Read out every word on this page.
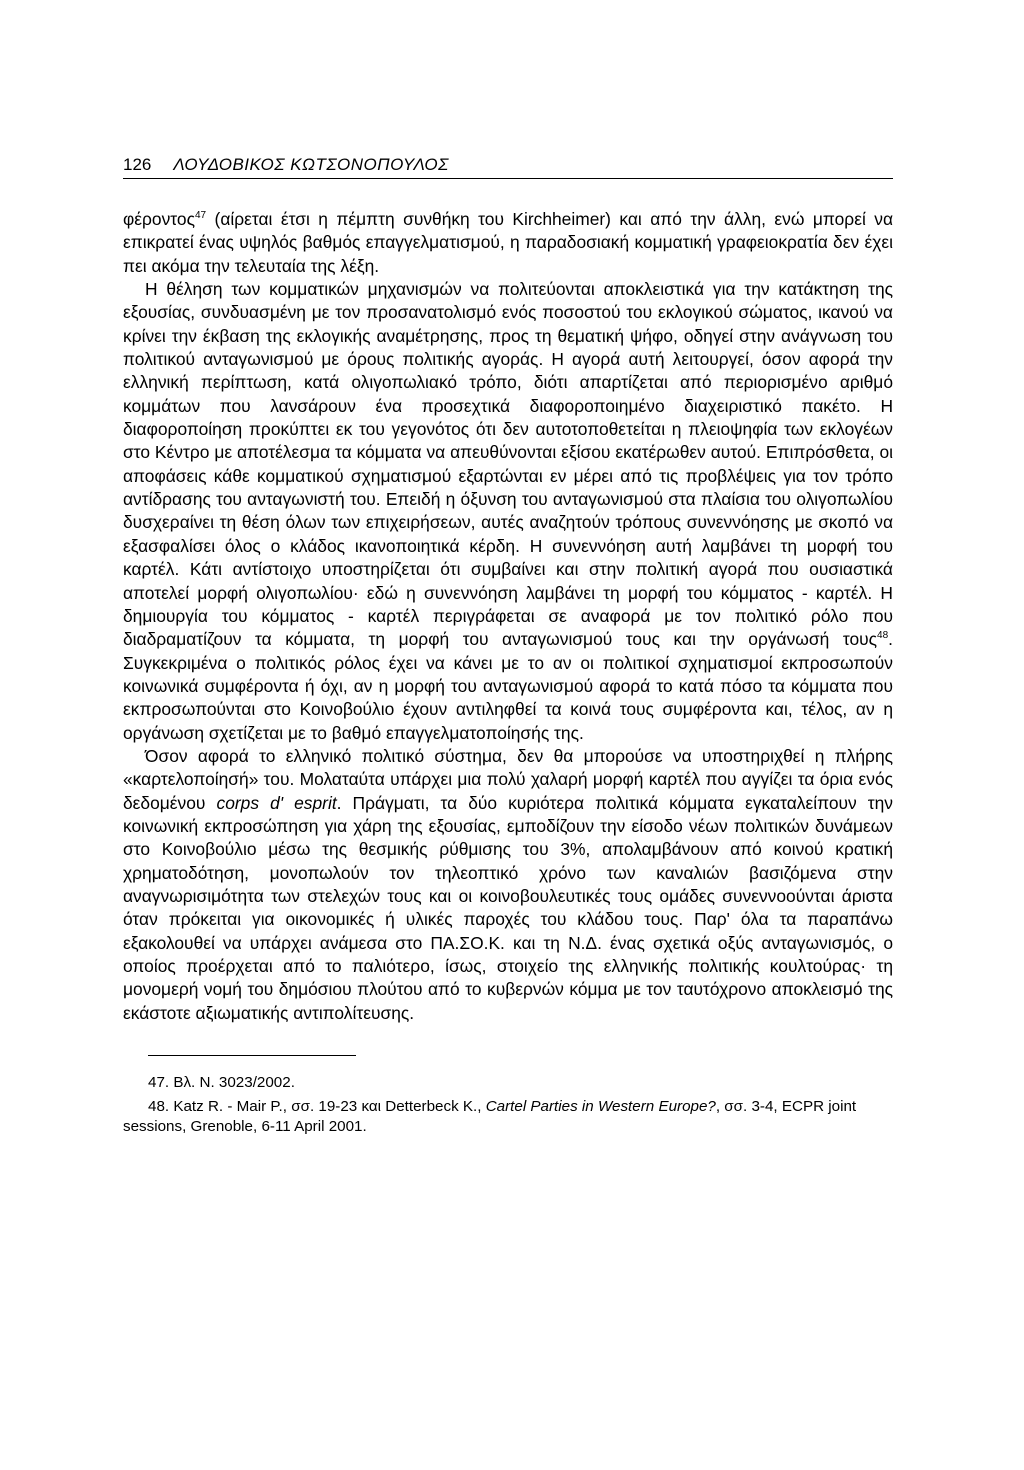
126 ΛΟΥΔΟΒΙΚΟΣ ΚΩΤΣΟΝΟΠΟΥΛΟΣ

φέροντος$^{47}$ (αίρεται έτσι η πέμπτη συνθήκη του Kirchheimer) και από την άλλη, ενώ μπορεί να επικρατεί ένας υψηλός βαθμός επαγγελματισμού, η παραδοσιακή κομματική γραφειοκρατία δεν έχει πει ακόμα την τελευταία της λέξη.

Η θέληση των κομματικών μηχανισμών να πολιτεύονται αποκλειστικά για την κατάκτηση της εξουσίας, συνδυασμένη με τον προσανατολισμό ενός ποσοστού του εκλογικού σώματος, ικανού να κρίνει την έκβαση της εκλογικής αναμέτρησης, προς τη θεματική ψήφο, οδηγεί στην ανάγνωση του πολιτικού ανταγωνισμού με όρους πολιτικής αγοράς. Η αγορά αυτή λειτουργεί, όσον αφορά την ελληνική περίπτωση, κατά ολιγοπωλιακό τρόπο, διότι απαρτίζεται από περιορισμένο αριθμό κομμάτων που λανσάρουν ένα προσεχτικά διαφοροποιημένο διαχειριστικό πακέτο. Η διαφοροποίηση προκύπτει εκ του γεγονότος ότι δεν αυτοτοποθετείται η πλειοψηφία των εκλογέων στο Κέντρο με αποτέλεσμα τα κόμματα να απευθύνονται εξίσου εκατέρωθεν αυτού. Επιπρόσθετα, οι αποφάσεις κάθε κομματικού σχηματισμού εξαρτώνται εν μέρει από τις προβλέψεις για τον τρόπο αντίδρασης του ανταγωνιστή του. Επειδή η όξυνση του ανταγωνισμού στα πλαίσια του ολιγοπωλίου δυσχεραίνει τη θέση όλων των επιχειρήσεων, αυτές αναζητούν τρόπους συνεννόησης με σκοπό να εξασφαλίσει όλος ο κλάδος ικανοποιητικά κέρδη. Η συνεννόηση αυτή λαμβάνει τη μορφή του καρτέλ. Κάτι αντίστοιχο υποστηρίζεται ότι συμβαίνει και στην πολιτική αγορά που ουσιαστικά αποτελεί μορφή ολιγοπωλίου· εδώ η συνεννόηση λαμβάνει τη μορφή του κόμματος - καρτέλ. Η δημιουργία του κόμματος - καρτέλ περιγράφεται σε αναφορά με τον πολιτικό ρόλο που διαδραματίζουν τα κόμματα, τη μορφή του ανταγωνισμού τους και την οργάνωσή τους$^{48}$. Συγκεκριμένα ο πολιτικός ρόλος έχει να κάνει με το αν οι πολιτικοί σχηματισμοί εκπροσωπούν κοινωνικά συμφέροντα ή όχι, αν η μορφή του ανταγωνισμού αφορά το κατά πόσο τα κόμματα που εκπροσωπούνται στο Κοινοβούλιο έχουν αντιληφθεί τα κοινά τους συμφέροντα και, τέλος, αν η οργάνωση σχετίζεται με το βαθμό επαγγελματοποίησής της.

Όσον αφορά το ελληνικό πολιτικό σύστημα, δεν θα μπορούσε να υποστηριχθεί η πλήρης «καρτελοποίησή» του. Μολαταύτα υπάρχει μια πολύ χαλαρή μορφή καρτέλ που αγγίζει τα όρια ενός δεδομένου corps d' esprit. Πράγματι, τα δύο κυριότερα πολιτικά κόμματα εγκαταλείπουν την κοινωνική εκπροσώπηση για χάρη της εξουσίας, εμποδίζουν την είσοδο νέων πολιτικών δυνάμεων στο Κοινοβούλιο μέσω της θεσμικής ρύθμισης του 3%, απολαμβάνουν από κοινού κρατική χρηματοδότηση, μονοπωλούν τον τηλεοπτικό χρόνο των καναλιών βασιζόμενα στην αναγνωρισιμότητα των στελεχών τους και οι κοινοβουλευτικές τους ομάδες συνεννοούνται άριστα όταν πρόκειται για οικονομικές ή υλικές παροχές του κλάδου τους. Παρ' όλα τα παραπάνω εξακολουθεί να υπάρχει ανάμεσα στο ΠΑ.ΣΟ.Κ. και τη Ν.Δ. ένας σχετικά οξύς ανταγωνισμός, ο οποίος προέρχεται από το παλιότερο, ίσως, στοιχείο της ελληνικής πολιτικής κουλτούρας· τη μονομερή νομή του δημόσιου πλούτου από το κυβερνών κόμμα με τον ταυτόχρονο αποκλεισμό της εκάστοτε αξιωματικής αντιπολίτευσης.

47. Βλ. Ν. 3023/2002.

48. Katz R. - Mair P., σσ. 19-23 και Detterbeck K., Cartel Parties in Western Europe?, σσ. 3-4, ECPR joint sessions, Grenoble, 6-11 April 2001.
